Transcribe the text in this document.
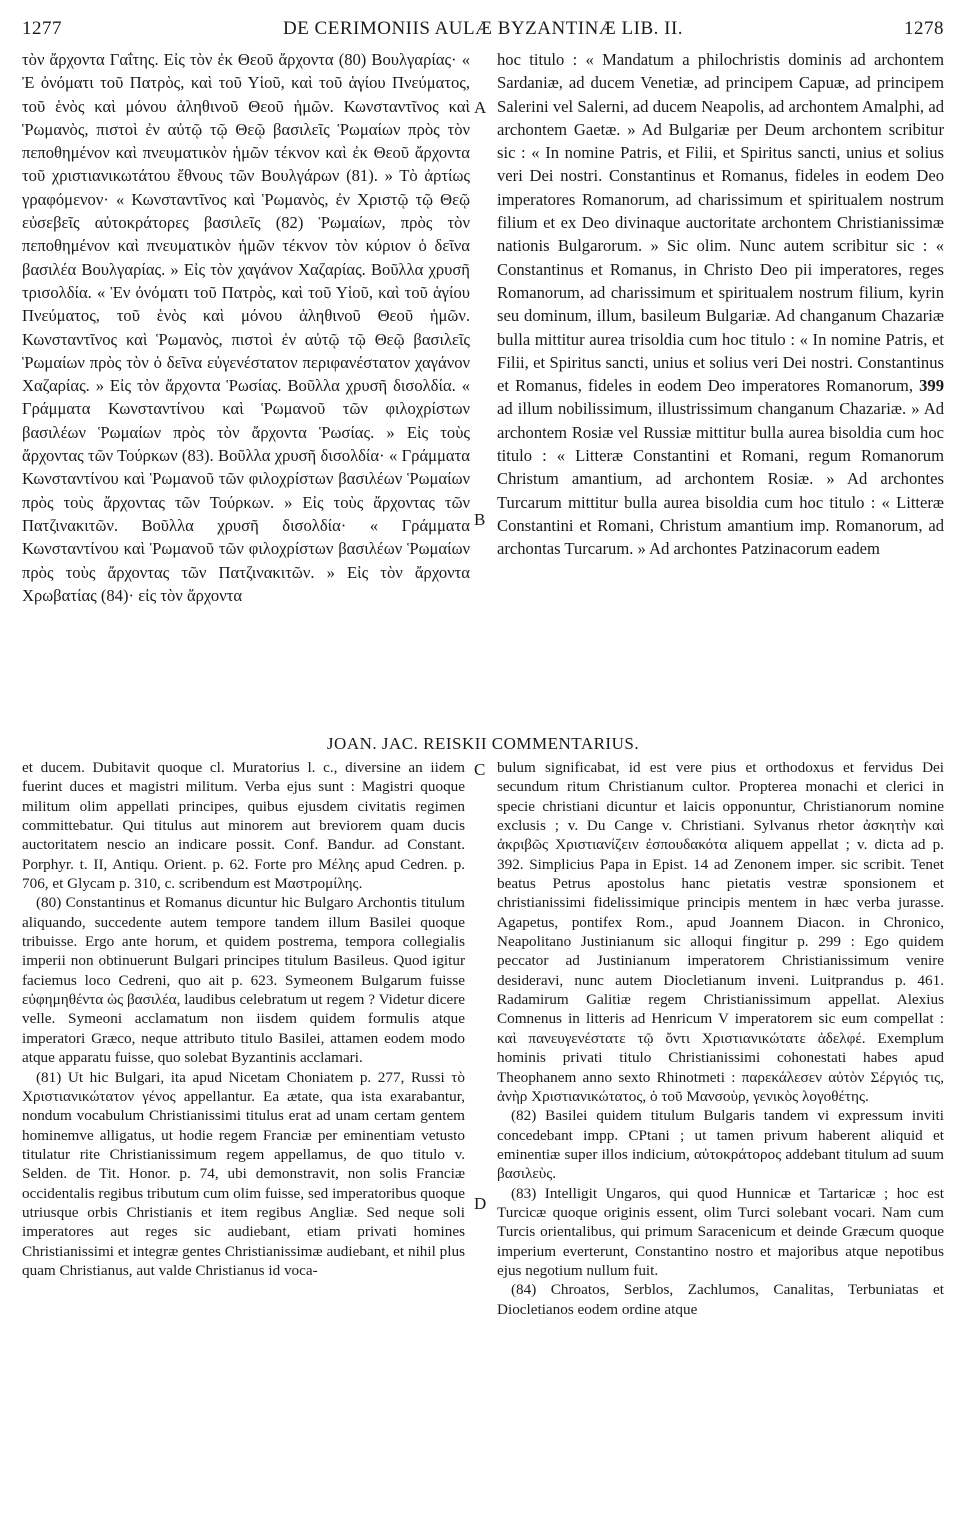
1277	DE CERIMONIIS AULÆ BYZANTINÆ LIB. II.	1278

τὸν ἄρχοντα Γαΐτης. Εἰς τὸν ἐκ Θεοῦ ἄρχοντα (80) Βουλγαρίας· « Ἐ ὀνόματι τοῦ Πατρὸς, καὶ τοῦ Υἱοῦ, καὶ τοῦ ἁγίου Πνεύματος, τοῦ ἑνὸς καὶ μόνου ἀληθινοῦ Θεοῦ ἡμῶν. Κωνσταντῖνος καὶ Ῥωμανὸς, πιστοὶ ἐν αὐτῷ τῷ Θεῷ βασιλεῖς Ῥωμαίων πρὸς τὸν πεποθημένον καὶ πνευματικὸν ἡμῶν τέκνον καὶ ἐκ Θεοῦ ἄρχοντα τοῦ χριστιανικωτάτου ἔθνους τῶν Βουλγάρων (81). » Τὸ ἀρτίως γραφόμενον· « Κωνσταντῖνος καὶ Ῥωμανὸς, ἐν Χριστῷ τῷ Θεῷ εὐσεβεῖς αὐτοκράτορες βασιλεῖς (82) Ῥωμαίων, πρὸς τὸν πεποθημένον καὶ πνευματικὸν ἡμῶν τέκνον τὸν κύριον ὁ δεῖνα βασιλέα Βουλγαρίας. » Εἰς τὸν χαγάνον Χαζαρίας. Βοῦλλα χρυσῆ τρισολδία. « Ἐν ὀνόματι τοῦ Πατρὸς, καὶ τοῦ Υἱοῦ, καὶ τοῦ ἁγίου Πνεύματος, τοῦ ἑνὸς καὶ μόνου ἀληθινοῦ Θεοῦ ἡμῶν. Κωνσταντῖνος καὶ Ῥωμανὸς, πιστοὶ ἐν αὐτῷ τῷ Θεῷ βασιλεῖς Ῥωμαίων πρὸς τὸν ὁ δεῖνα εὐγενέστατον περιφανέστατον χαγάνον Χαζαρίας. » Εἰς τὸν ἄρχοντα Ῥωσίας. Βοῦλλα χρυσῆ δισολδία. « Γράμματα Κωνσταντίνου καὶ Ῥωμανοῦ τῶν φιλοχρίστων βασιλέων Ῥωμαίων πρὸς τὸν ἄρχοντα Ῥωσίας. » Εἰς τοὺς ἄρχοντας τῶν Τούρκων (83). Βοῦλλα χρυσῆ δισολδία· « Γράμματα Κωνσταντίνου καὶ Ῥωμανοῦ τῶν φιλοχρίστων βασιλέων Ῥωμαίων πρὸς τοὺς ἄρχοντας τῶν Τούρκων. » Εἰς τοὺς ἄρχοντας τῶν Πατζινακιτῶν. Βοῦλλα χρυσῆ δισολδία· « Γράμματα Κωνσταντίνου καὶ Ῥωμανοῦ τῶν φιλοχρίστων βασιλέων Ῥωμαίων πρὸς τοὺς ἄρχοντας τῶν Πατζινακιτῶν. » Εἰς τὸν ἄρχοντα Χρωβατίας (84)· εἰς τὸν ἄρχοντα

A
B

hoc titulo : « Mandatum a philochristis dominis ad archontem Sardaniæ, ad ducem Venetiæ, ad principem Capuæ, ad principem Salerini vel Salerni, ad ducem Neapolis, ad archontem Amalphi, ad archontem Gaetæ. » Ad Bulgariæ per Deum archontem scribitur sic : « In nomine Patris, et Filii, et Spiritus sancti, unius et solius veri Dei nostri. Constantinus et Romanus, fideles in eodem Deo imperatores Romanorum, ad charissimum et spiritualem nostrum filium et ex Deo divinaque auctoritate archontem Christianissimæ nationis Bulgarorum. » Sic olim. Nunc autem scribitur sic : « Constantinus et Romanus, in Christo Deo pii imperatores, reges Romanorum, ad charissimum et spiritualem nostrum filium, kyrin seu dominum, illum, basileum Bulgariæ. Ad changanum Chazariæ bulla mittitur aurea trisoldia cum hoc titulo : « In nomine Patris, et Filii, et Spiritus sancti, unius et solius veri Dei nostri. Constantinus et Romanus, fideles in eodem Deo imperatores Romanorum, 399 ad illum nobilissimum, illustrissimum changanum Chazariæ. » Ad archontem Rosiæ vel Russiæ mittitur bulla aurea bisoldia cum hoc titulo : « Litteræ Constantini et Romani, regum Romanorum Christum amantium, ad archontem Rosiæ. » Ad archontes Turcarum mittitur bulla aurea bisoldia cum hoc titulo : « Litteræ Constantini et Romani, Christum amantium imp. Romanorum, ad archontas Turcarum. » Ad archontes Patzinacorum eadem

JOAN. JAC. REISKII COMMENTARIUS.

et ducem. Dubitavit quoque cl. Muratorius l. c., diversine an iidem fuerint duces et magistri militum. Verba ejus sunt : Magistri quoque militum olim appellati principes, quibus ejusdem civitatis regimen committebatur. Qui titulus aut minorem aut breviorem quam ducis auctoritatem nescio an indicare possit. Conf. Bandur. ad Constant. Porphyr. t. II, Antiqu. Orient. p. 62. Forte pro Μέλης apud Cedren. p. 706, et Glycam p. 310, c. scribendum est Μαστρομίλης.

(80) Constantinus et Romanus dicuntur hic Bulgaro Archontis titulum aliquando, succedente autem tempore tandem illum Basilei quoque tribuisse. Ergo ante horum, et quidem postrema, tempora collegialis imperii non obtinuerunt Bulgari principes titulum Basileus. Quod igitur faciemus loco Cedreni, quo ait p. 623. Symeonem Bulgarum fuisse εὐφημηθέντα ὡς βασιλέα, laudibus celebratum ut regem ? Videtur dicere velle. Symeoni acclamatum non iisdem quidem formulis atque imperatori Græco, neque attributo titulo Basilei, attamen eodem modo atque apparatu fuisse, quo solebat Byzantinis acclamari.

(81) Ut hic Bulgari, ita apud Nicetam Choniatem p. 277, Russi τὸ Χριστιανικώτατον γένος appellantur. Ea ætate, qua ista exarabantur, nondum vocabulum Christianissimi titulus erat ad unam certam gentem hominemve alligatus, ut hodie regem Franciæ per eminentiam vetusto titulatur rite Christianissimum regem appellamus, de quo titulo v. Selden. de Tit. Honor. p. 74, ubi demonstravit, non solis Franciæ occidentalis regibus tributum cum olim fuisse, sed imperatoribus quoque utriusque orbis Christianis et item regibus Angliæ. Sed neque soli imperatores aut reges sic audiebant, etiam privati homines Christianissimi et integræ gentes Christianissimæ audiebant, et nihil plus quam Christianus, aut valde Christianus id voca-

C
D

bulum significabat, id est vere pius et orthodoxus et fervidus Dei secundum ritum Christianum cultor. Propterea monachi et clerici in specie christiani dicuntur et laicis opponuntur, Christianorum nomine exclusis ; v. Du Cange v. Christiani. Sylvanus rhetor ἀσκητὴν καὶ ἀκριβῶς Χριστιανίζειν ἐσπουδακότα aliquem appellat ; v. dicta ad p. 392. Simplicius Papa in Epist. 14 ad Zenonem imper. sic scribit. Tenet beatus Petrus apostolus hanc pietatis vestræ sponsionem et christianissimi fidelissimique principis mentem in hæc verba jurasse. Agapetus, pontifex Rom., apud Joannem Diacon. in Chronico, Neapolitano Justinianum sic alloqui fingitur p. 299 : Ego quidem peccator ad Justinianum imperatorem Christianissimum venire desideravi, nunc autem Diocletianum inveni. Luitprandus p. 461. Radamirum Galitiæ regem Christianissimum appellat. Alexius Comnenus in litteris ad Henricum V imperatorem sic eum compellat : καὶ πανευγενέστατε τῷ ὄντι Χριστιανικώτατε ἀδελφέ. Exemplum hominis privati titulo Christianissimi cohonestati habes apud Theophanem anno sexto Rhinotmeti : παρεκάλεσεν αὐτὸν Σέργιός τις, ἀνὴρ Χριστιανικώτατος, ὁ τοῦ Μανσοὺρ, γενικὸς λογοθέτης.

(82) Basilei quidem titulum Bulgaris tandem vi expressum inviti concedebant impp. CPtani ; ut tamen privum haberent aliquid et eminentiæ super illos indicium, αὐτοκράτορος addebant titulum ad suum βασιλεὺς.

(83) Intelligit Ungaros, qui quod Hunnicæ et Tartaricæ ; hoc est Turcicæ quoque originis essent, olim Turci solebant vocari. Nam cum Turcis orientalibus, qui primum Saracenicum et deinde Græcum quoque imperium everterunt, Constantino nostro et majoribus atque nepotibus ejus negotium nullum fuit.

(84) Chroatos, Serblos, Zachlumos, Canalitas, Terbuniatas et Diocletianos eodem ordine atque
